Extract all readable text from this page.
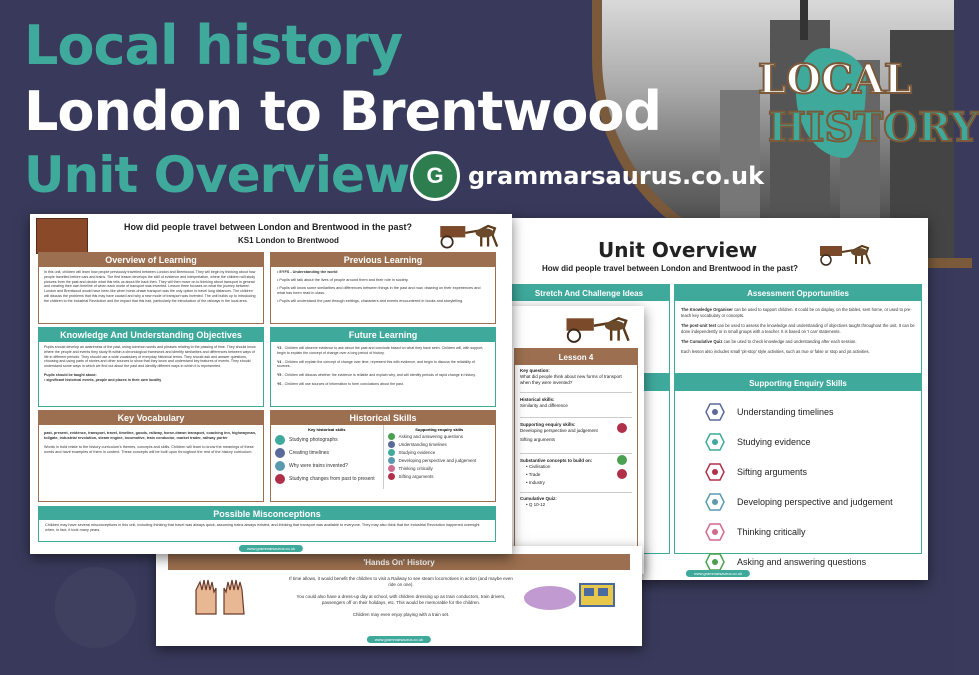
Local history
London to Brentwood
Unit Overview G	grammarsaurus.co.uk
LOCAL
HISTORY
Unit Overview
How did people travel between London and Brentwood in the past?
Stretch And Challenge Ideas	Assessment Opportunities

The Knowledge Organiser can be used to support children. It could be on display, on the tables, sent home, or used to pre-teach key vocabulary or concepts.

The post-unit test can be used to assess the knowledge and understanding of objectives taught throughout the unit. It can be done independently or in small groups with a teacher. It is based on 'I can' statements.

The Cumulative Quiz can be used to check knowledge and understanding after each session.

Each lesson also includes small 'pit-stop' style activities, such as true or false or stop and jot activities.

Supporting Enquiry Skills
Understanding timelines
Studying evidence
Sifting arguments
Developing perspective and judgement
Thinking critically
Asking and answering questions
www.grammarsaurus.co.uk
Lesson 4
Key question:
What did people think about new forms of transport when they were invented?
Historical skills:
Similarity and difference
Supporting enquiry skills:
Developing perspective and judgement
Sifting arguments
Substantive concepts to build on:
• Civilisation
• Trade
• Industry
Cumulative Quiz:
• Q 10-12
'Hands On' History

If time allows, it would benefit the children to visit a Railway to see steam locomotives in action (and maybe even ride on one).

You could also have a dress-up day at school, with children dressing up as train conductors, train drivers, passengers off on their holidays, etc. This would be memorable for the children.

Children may even enjoy playing with a train set.

www.grammarsaurus.co.uk
How did people travel between London and Brentwood in the past?
KS1 London to Brentwood
Overview of Learning
In this unit, children will learn how people previously travelled between London and Brentwood. They will begin by thinking about how people travelled before cars and trains. The first lesson develops the skill of evidence and interpretation, where the children will study pictures from the past and decide what this tells us about life back then. They will then move on to thinking about transport in general and creating their own timeline of when each mode of transport was invented. Lesson three focuses on what the journey between London and Brentwood would have been like when horse-drawn transport was the only option to travel long distances. The children will discuss the problems that this may have caused and why a new mode of transport was invented. The unit builds up to introducing the children to the Industrial Revolution and the impact that this had, particularly the introduction of the railways in the local area.
Previous Learning
• EYFS - Understanding the world
• Pupils will talk about the lives of people around them and their role in society.
• Pupils will know some similarities and differences between things in the past and now, drawing on their experiences and what has been read in class.
• Pupils will understand the past through settings, characters and events encountered in books and storytelling.
Knowledge And Understanding Objectives
Pupils should develop an awareness of the past, using common words and phrases relating to the passing of time. They should know where the people and events they study fit within a chronological framework and identify similarities and differences between ways of life in different periods. They should use a wide vocabulary of everyday historical terms. They should ask and answer questions, choosing and using parts of stories and other sources to show that they know and understand key features of events. They should understand some ways in which we find out about the past and identify different ways in which it is represented.
Pupils should be taught about:
• significant historical events, people and places in their own locality
Future Learning
Y3 - Children will observe evidence to ask about the past and conclude based on what they have seen. Children will, with support, begin to explain the concept of change over a long period of history.
Y4 - Children will explain the concept of change over time, represent this with evidence, and begin to discuss the reliability of sources.
Y5 - Children will discuss whether the evidence is reliable and explain why, and will identify periods of rapid change in history.
Y6 - Children will use sources of information to form conclusions about the past.
Key Vocabulary
past, present, evidence, transport, travel, timeline, goods, railway, horse-drawn transport, coaching inn, highwayman, tollgate, industrial revolution, steam engine, locomotive, train conductor, market trader, railway porter
Words in bold relate to the history curriculum's themes, concepts and skills. Children will learn to know the meanings of these words and have examples of them in context. These concepts will be built upon throughout the rest of the history curriculum.
Historical Skills
Key historical skills
Studying photographs
Creating timelines
Why were trains invented?
Studying changes from past to present
Supporting enquiry skills
Asking and answering questions
Understanding timelines
Studying evidence
Developing perspective and judgement
Thinking critically
Sifting arguments
Possible Misconceptions
Children may have several misconceptions in this unit, including thinking that travel was always quick, assuming trains always existed, and thinking that transport was available to everyone. They may also think that the Industrial Revolution happened overnight when, in fact, it took many years.
www.grammarsaurus.co.uk
